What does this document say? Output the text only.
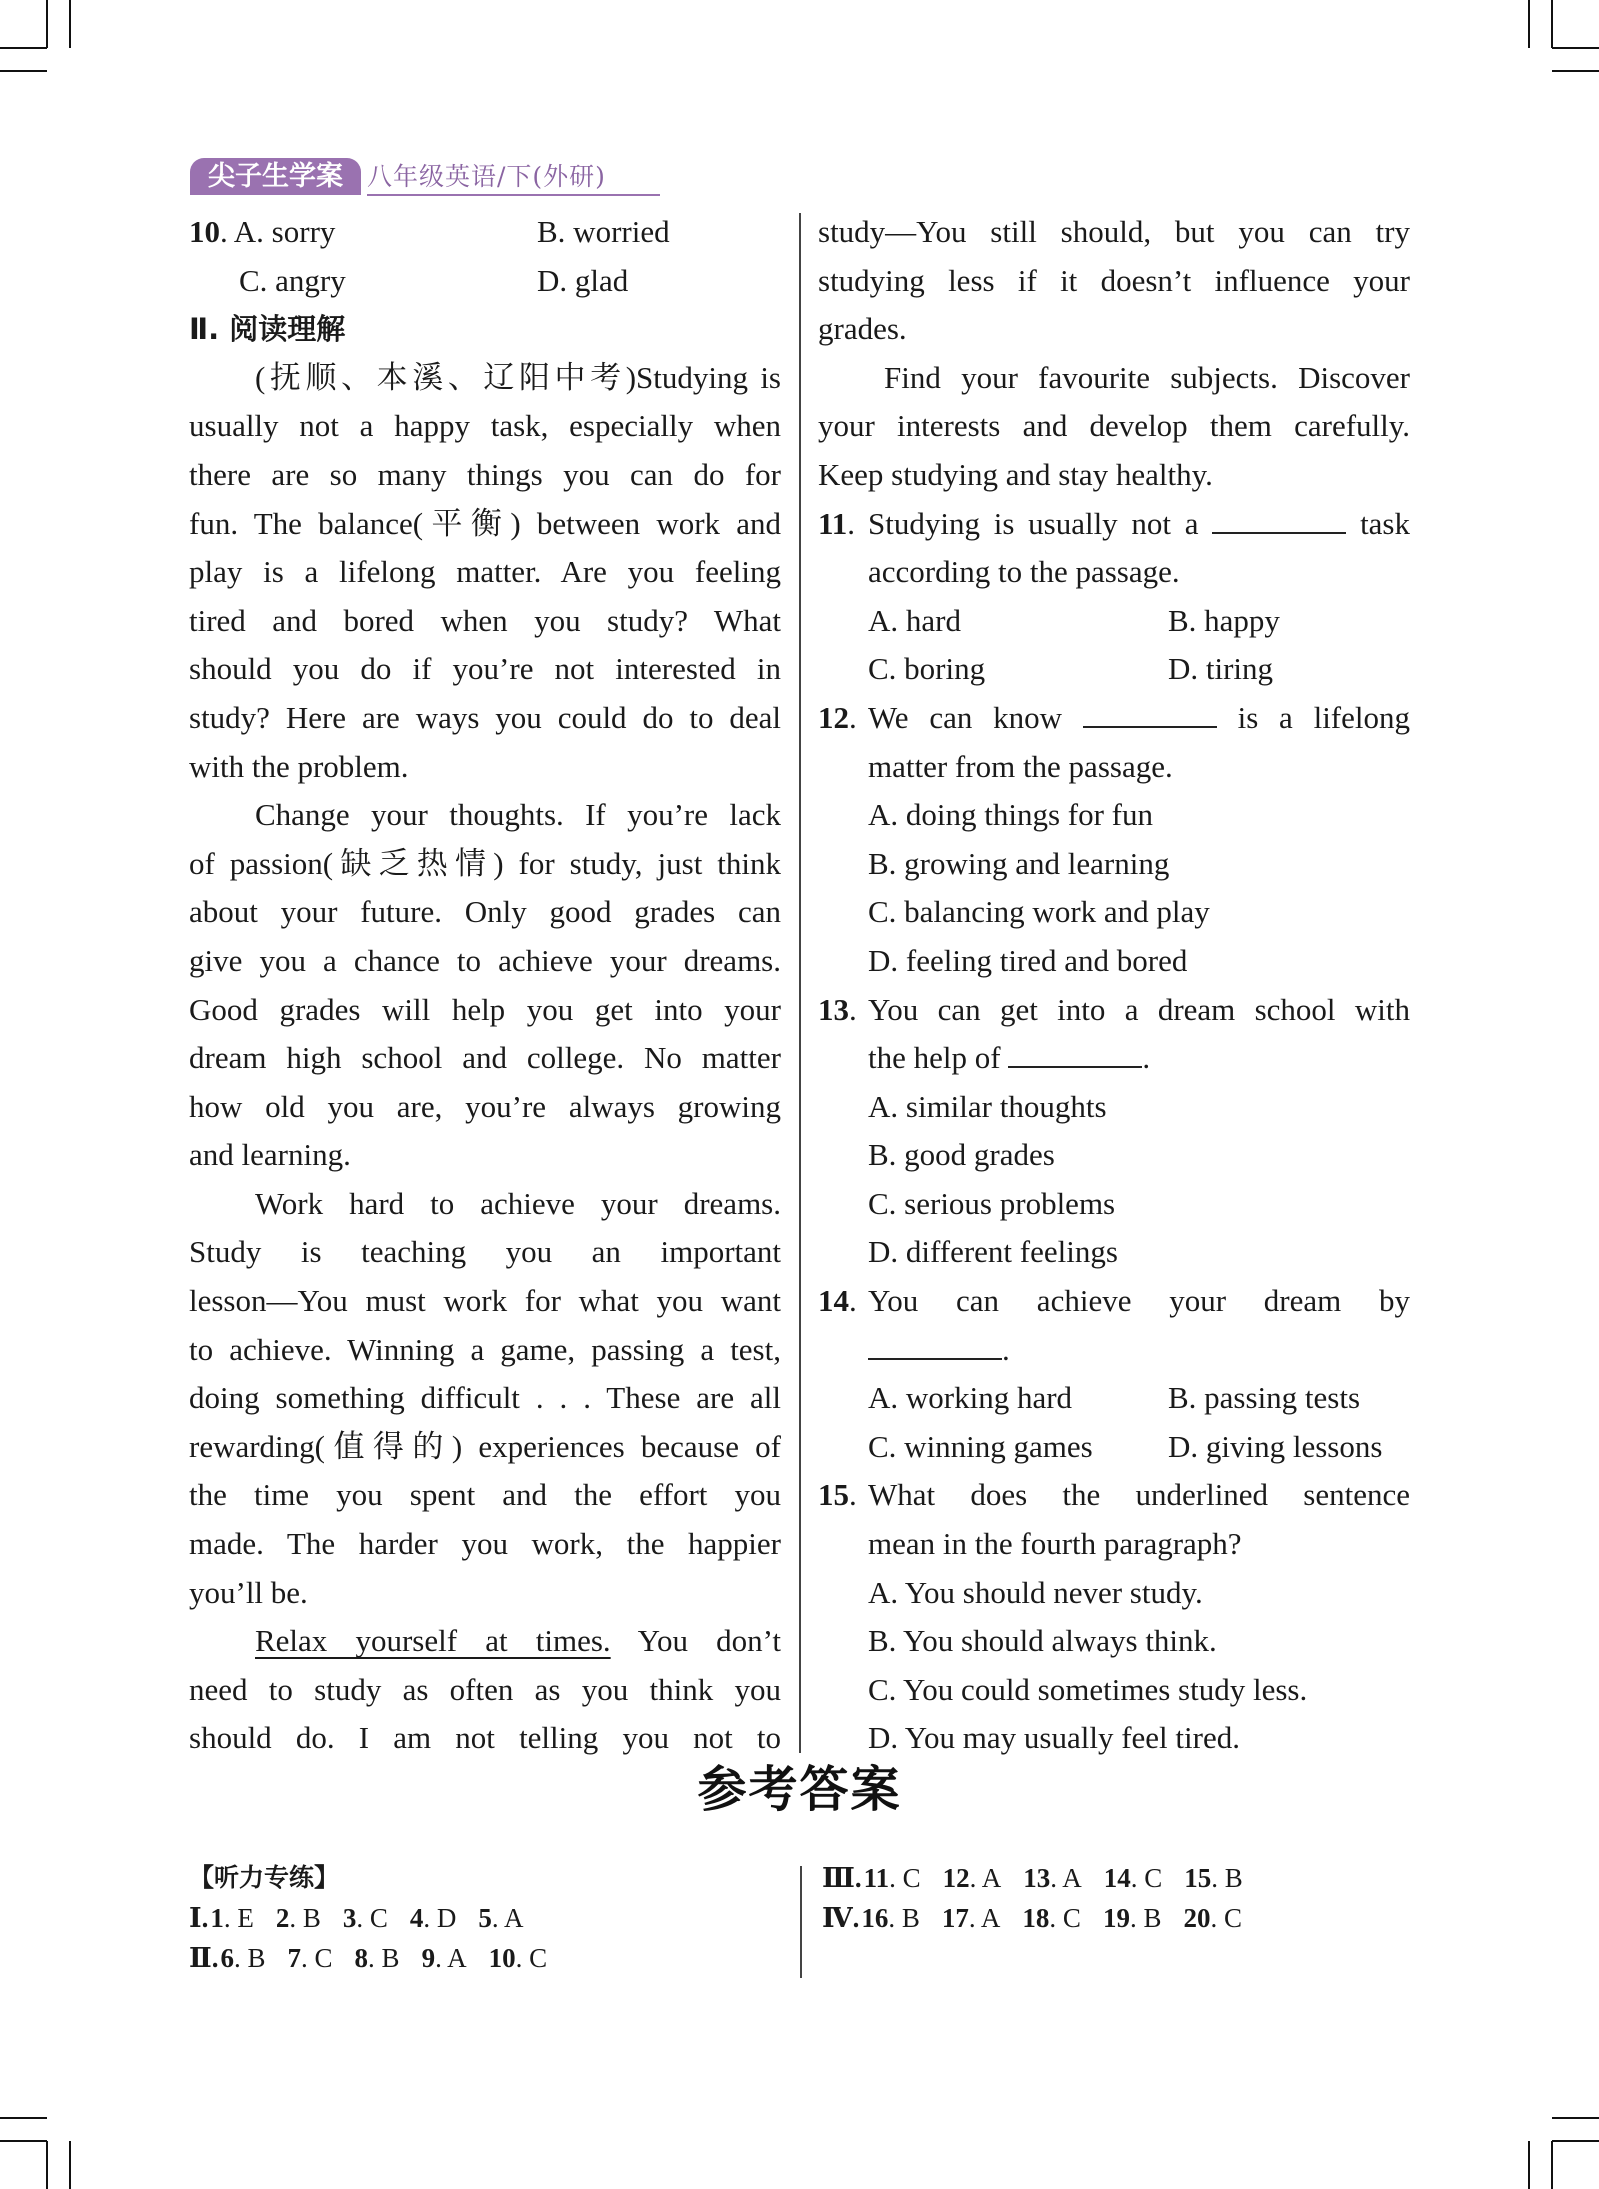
尖子生学案 八年级英语/下(外研)
10. A. sorry	B. worried
C. angry	D. glad
Ⅱ. 阅读理解
(抚顺、本溪、辽阳中考)Studying is
usually not a happy task, especially when
there are so many things you can do for
fun. The balance(平衡) between work and
play is a lifelong matter. Are you feeling
tired and bored when you study? What
should you do if you’re not interested in
study? Here are ways you could do to deal
with the problem.
Change your thoughts. If you’re lack
of passion(缺乏热情) for study, just think
about your future. Only good grades can
give you a chance to achieve your dreams.
Good grades will help you get into your
dream high school and college. No matter
how old you are, you’re always growing
and learning.
Work hard to achieve your dreams.
Study is teaching you an important
lesson—You must work for what you want
to achieve. Winning a game, passing a test,
doing something difficult . . . These are all
rewarding(值得的) experiences because of
the time you spent and the effort you
made. The harder you work, the happier
you’ll be.
Relax yourself at times. You don’t
need to study as often as you think you
should do. I am not telling you not to
study—You still should, but you can try
studying less if it doesn’t influence your
grades.
Find your favourite subjects. Discover
your interests and develop them carefully.
Keep studying and stay healthy.
11. Studying is usually not a	task
according to the passage.
A. hard	B. happy
C. boring	D. tiring
12. We can know	is a lifelong
matter from the passage.
A. doing things for fun
B. growing and learning
C. balancing work and play
D. feeling tired and bored
13. You can get into a dream school with
the help of	.
A. similar thoughts
B. good grades
C. serious problems
D. different feelings
14. You can achieve your dream by
.
A. working hard	B. passing tests
C. winning games D. giving lessons
15. What does the underlined sentence
mean in the fourth paragraph?
A. You should never study.
B. You should always think.
C. You could sometimes study less.
D. You may usually feel tired.
参考答案
【听力专练】
Ⅰ.1. E 2. B 3. C 4. D 5. A
Ⅱ.6. B 7. C 8. B 9. A 10. C
Ⅲ.11. C 12. A 13. A 14. C 15. B
Ⅳ.16. B 17. A 18. C 19. B 20. C
